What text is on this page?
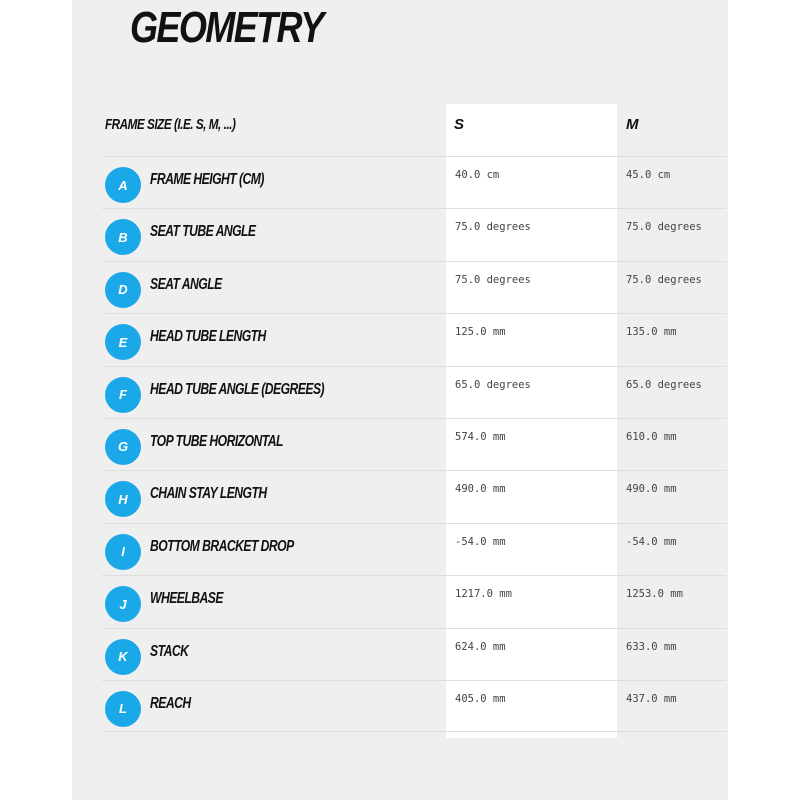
GEOMETRY
FRAME SIZE (I.E. S, M, ...)	S	M
A	FRAME HEIGHT (CM)	40.0 cm	45.0 cm
B	SEAT TUBE ANGLE	75.0 degrees	75.0 degrees
D	SEAT ANGLE	75.0 degrees	75.0 degrees
E	HEAD TUBE LENGTH	125.0 mm	135.0 mm
F	HEAD TUBE ANGLE (DEGREES)	65.0 degrees	65.0 degrees
G	TOP TUBE HORIZONTAL	574.0 mm	610.0 mm
H	CHAIN STAY LENGTH	490.0 mm	490.0 mm
I	BOTTOM BRACKET DROP	-54.0 mm	-54.0 mm
J	WHEELBASE	1217.0 mm	1253.0 mm
K	STACK	624.0 mm	633.0 mm
L	REACH	405.0 mm	437.0 mm
